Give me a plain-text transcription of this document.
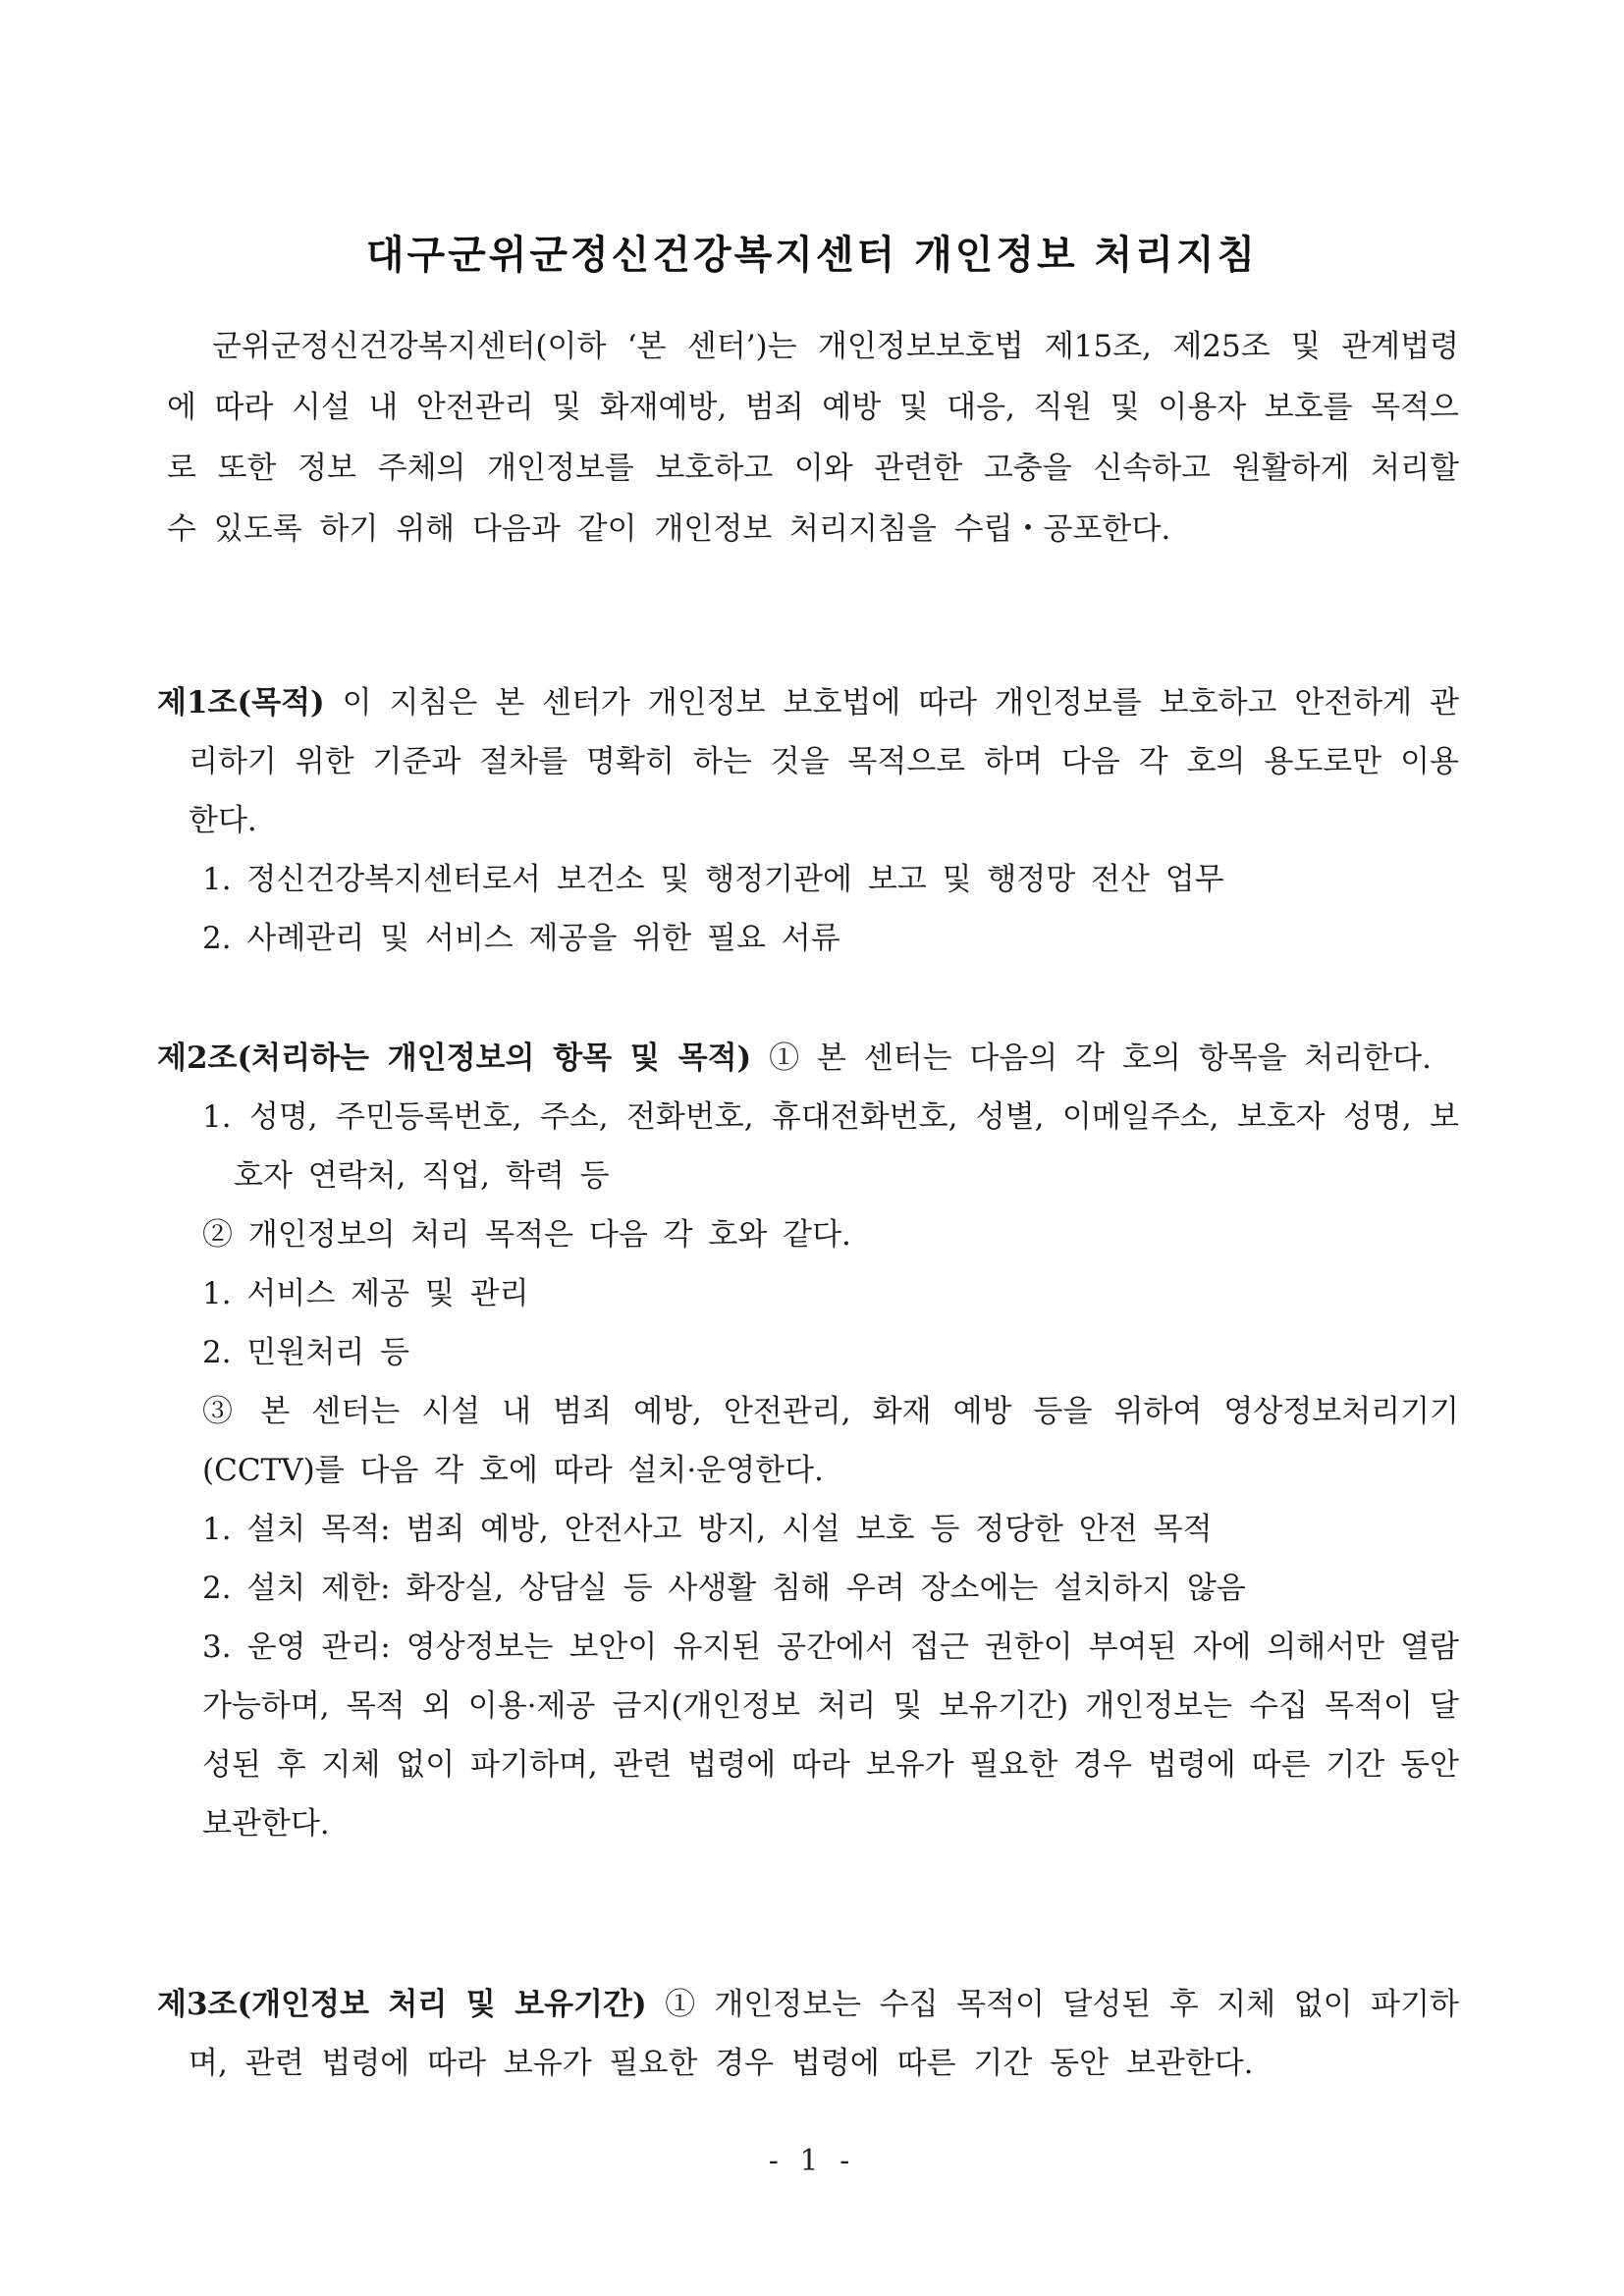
대구군위군정신건강복지센터 개인정보 처리지침

군위군정신건강복지센터(이하 ‘본 센터’)는 개인정보보호법 제15조, 제25조 및 관계법령에 따라 시설 내 안전관리 및 화재예방, 범죄 예방 및 대응, 직원 및 이용자 보호를 목적으로 또한 정보 주체의 개인정보를 보호하고 이와 관련한 고충을 신속하고 원활하게 처리할 수 있도록 하기 위해 다음과 같이 개인정보 처리지침을 수립・공포한다.

제1조(목적) 이 지침은 본 센터가 개인정보 보호법에 따라 개인정보를 보호하고 안전하게 관리하기 위한 기준과 절차를 명확히 하는 것을 목적으로 하며 다음 각 호의 용도로만 이용한다.

1. 정신건강복지센터로서 보건소 및 행정기관에 보고 및 행정망 전산 업무

2. 사례관리 및 서비스 제공을 위한 필요 서류

제2조(처리하는 개인정보의 항목 및 목적) ① 본 센터는 다음의 각 호의 항목을 처리한다.

1. 성명, 주민등록번호, 주소, 전화번호, 휴대전화번호, 성별, 이메일주소, 보호자 성명, 보호자 연락처, 직업, 학력 등

② 개인정보의 처리 목적은 다음 각 호와 같다.

1. 서비스 제공 및 관리

2. 민원처리 등

③ 본 센터는 시설 내 범죄 예방, 안전관리, 화재 예방 등을 위하여 영상정보처리기기(CCTV)를 다음 각 호에 따라 설치·운영한다.

1. 설치 목적: 범죄 예방, 안전사고 방지, 시설 보호 등 정당한 안전 목적

2. 설치 제한: 화장실, 상담실 등 사생활 침해 우려 장소에는 설치하지 않음

3. 운영 관리: 영상정보는 보안이 유지된 공간에서 접근 권한이 부여된 자에 의해서만 열람 가능하며, 목적 외 이용·제공 금지(개인정보 처리 및 보유기간) 개인정보는 수집 목적이 달성된 후 지체 없이 파기하며, 관련 법령에 따라 보유가 필요한 경우 법령에 따른 기간 동안 보관한다.

제3조(개인정보 처리 및 보유기간) ① 개인정보는 수집 목적이 달성된 후 지체 없이 파기하며, 관련 법령에 따라 보유가 필요한 경우 법령에 따른 기간 동안 보관한다.

- 1 -
